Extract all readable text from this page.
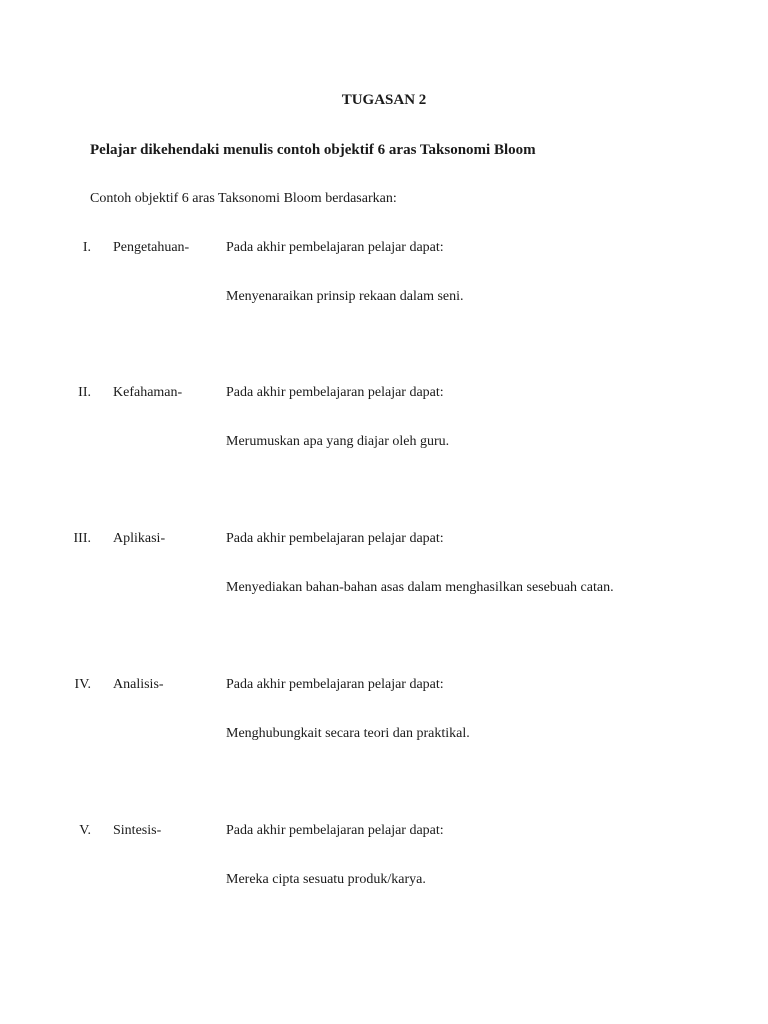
TUGASAN 2
Pelajar dikehendaki menulis contoh objektif 6 aras Taksonomi Bloom
Contoh objektif 6 aras Taksonomi Bloom berdasarkan:
I. Pengetahuan-	Pada akhir pembelajaran pelajar dapat:
Menyenaraikan prinsip rekaan dalam seni.
II. Kefahaman-	Pada akhir pembelajaran pelajar dapat:
Merumuskan apa yang diajar oleh guru.
III. Aplikasi-	Pada akhir pembelajaran pelajar dapat:
Menyediakan bahan-bahan asas dalam menghasilkan sesebuah catan.
IV. Analisis-	Pada akhir pembelajaran pelajar dapat:
Menghubungkait secara teori dan praktikal.
V. Sintesis-	Pada akhir pembelajaran pelajar dapat:
Mereka cipta sesuatu produk/karya.
